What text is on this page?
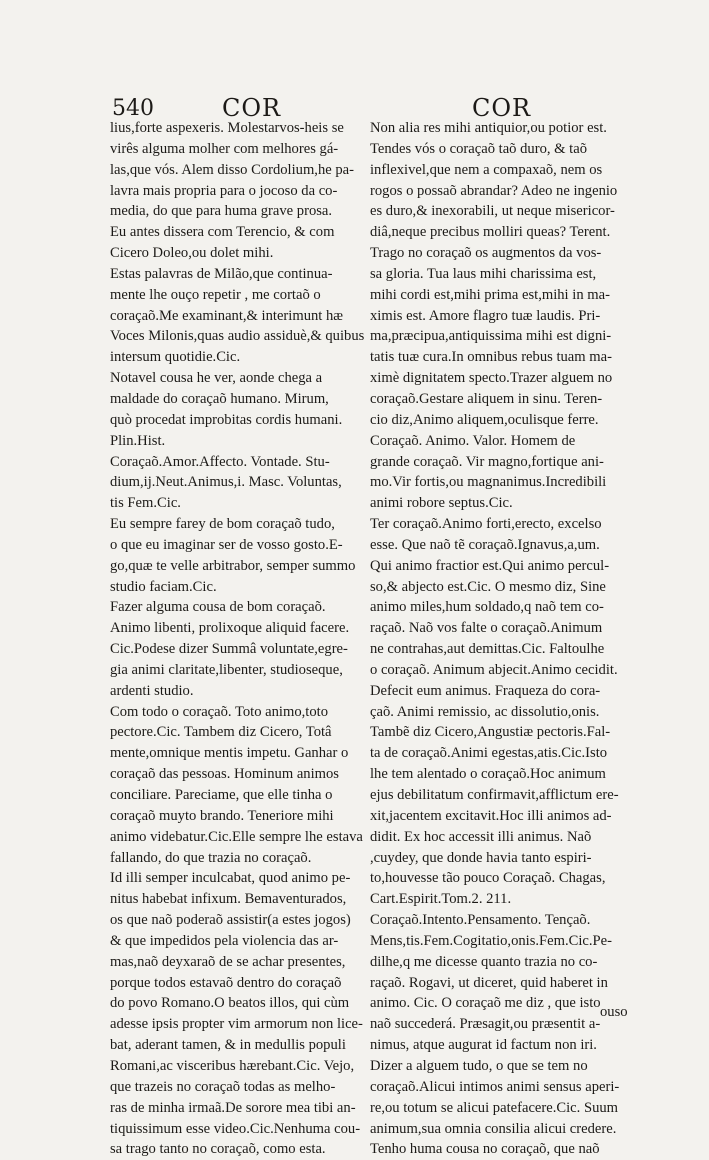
540	COR	COR
lius,forte aspexeris. Molestarvos-heis se
virês alguma molher com melhores gá-
las,que vós. Alem disso Cordolium,he pa-
lavra mais propria para o jocoso da co-
media, do que para huma grave prosa.
Eu antes dissera com Terencio, & com
Cicero Doleo,ou dolet mihi.
Estas palavras de Milão,que continua-
mente lhe ouço repetir , me cortaõ o
coraçaõ.Me examinant,& interimunt hæ
Voces Milonis,quas audio assiduè,& quibus
intersum quotidie.Cic.
Notavel cousa he ver, aonde chega a
maldade do coraçaõ humano. Mirum,
quò procedat improbitas cordis humani.
Plin.Hist.
Coraçaõ.Amor.Affecto. Vontade. Stu-
dium,ij.Neut.Animus,i. Masc. Voluntas,
tis Fem.Cic.
Eu sempre farey de bom coraçaõ tudo,
o que eu imaginar ser de vosso gosto.E-
go,quæ te velle arbitrabor, semper summo
studio faciam.Cic.
Fazer alguma cousa de bom coraçaõ.
Animo libenti, prolixoque aliquid facere.
Cic.Podese dizer Summâ voluntate,egre-
gia animi claritate,libenter, studioseque,
ardenti studio.
Com todo o coraçaõ. Toto animo,toto
pectore.Cic. Tambem diz Cicero, Totâ
mente,omnique mentis impetu. Ganhar o
coraçaõ das pessoas. Hominum animos
conciliare. Pareciame, que elle tinha o
coraçaõ muyto brando. Teneriore mihi
animo videbatur.Cic.Elle sempre lhe estava
fallando, do que trazia no coraçaõ.
Id illi semper inculcabat, quod animo pe-
nitus habebat infixum. Bemaventurados,
os que naõ poderaõ assistir(a estes jogos)
& que impedidos pela violencia das ar-
mas,naõ deyxaraõ de se achar presentes,
porque todos estavaõ dentro do coraçaõ
do povo Romano.O beatos illos, qui cùm
adesse ipsis propter vim armorum non lice-
bat, aderant tamen, & in medullis populi
Romani,ac visceribus hærebant.Cic. Vejo,
que trazeis no coraçaõ todas as melho-
ras de minha irmaã.De sorore mea tibi an-
tiquissimum esse video.Cic.Nenhuma cou-
sa trago tanto no coraçaõ, como esta.
Non alia res mihi antiquior,ou potior est.
Tendes vós o coraçaõ taõ duro, & taõ
inflexivel,que nem a compaxaõ, nem os
rogos o possaõ abrandar? Adeo ne ingenio
es duro,& inexorabili, ut neque misericor-
diâ,neque precibus molliri queas? Terent.
Trago no coraçaõ os augmentos da vos-
sa gloria. Tua laus mihi charissima est,
mihi cordi est,mihi prima est,mihi in ma-
ximis est. Amore flagro tuæ laudis. Pri-
ma,præcipua,antiquissima mihi est digni-
tatis tuæ cura.In omnibus rebus tuam ma-
ximè dignitatem specto.Trazer alguem no
coraçaõ.Gestare aliquem in sinu. Teren-
cio diz,Animo aliquem,oculisque ferre.
Coraçaõ. Animo. Valor. Homem de
grande coraçaõ. Vir magno,fortique ani-
mo.Vir fortis,ou magnanimus.Incredibili
animi robore septus.Cic.
Ter coraçaõ.Animo forti,erecto, excelso
esse. Que naõ tẽ coraçaõ.Ignavus,a,um.
Qui animo fractior est.Qui animo percul-
so,& abjecto est.Cic. O mesmo diz, Sine
animo miles,hum soldado,q naõ tem co-
raçaõ. Naõ vos falte o coraçaõ.Animum
ne contrahas,aut demittas.Cic. Faltoulhe
o coraçaõ. Animum abjecit.Animo cecidit.
Defecit eum animus. Fraqueza do cora-
çaõ. Animi remissio, ac dissolutio,onis.
Tambẽ diz Cicero,Angustiæ pectoris.Fal-
ta de coraçaõ.Animi egestas,atis.Cic.Isto
lhe tem alentado o coraçaõ.Hoc animum
ejus debilitatum confirmavit,afflictum ere-
xit,jacentem excitavit.Hoc illi animos ad-
didit. Ex hoc accessit illi animus. Naõ
,cuydey, que donde havia tanto espiri-
to,houvesse tão pouco Coraçaõ. Chagas,
Cart.Espirit.Tom.2. 211.
Coraçaõ.Intento.Pensamento. Tençaõ.
Mens,tis.Fem.Cogitatio,onis.Fem.Cic.Pe-
dilhe,q me dicesse quanto trazia no co-
raçaõ. Rogavi, ut diceret, quid haberet in
animo. Cic. O coraçaõ me diz , que isto
naõ succederá. Præsagit,ou præsentit a-
nimus, atque augurat id factum non iri.
Dizer a alguem tudo, o que se tem no
coraçaõ.Alicui intimos animi sensus aperi-
re,ou totum se alicui patefacere.Cic. Suum
animum,sua omnia consilia alicui credere.
Tenho huma cousa no coraçaõ, que naõ
ouso
